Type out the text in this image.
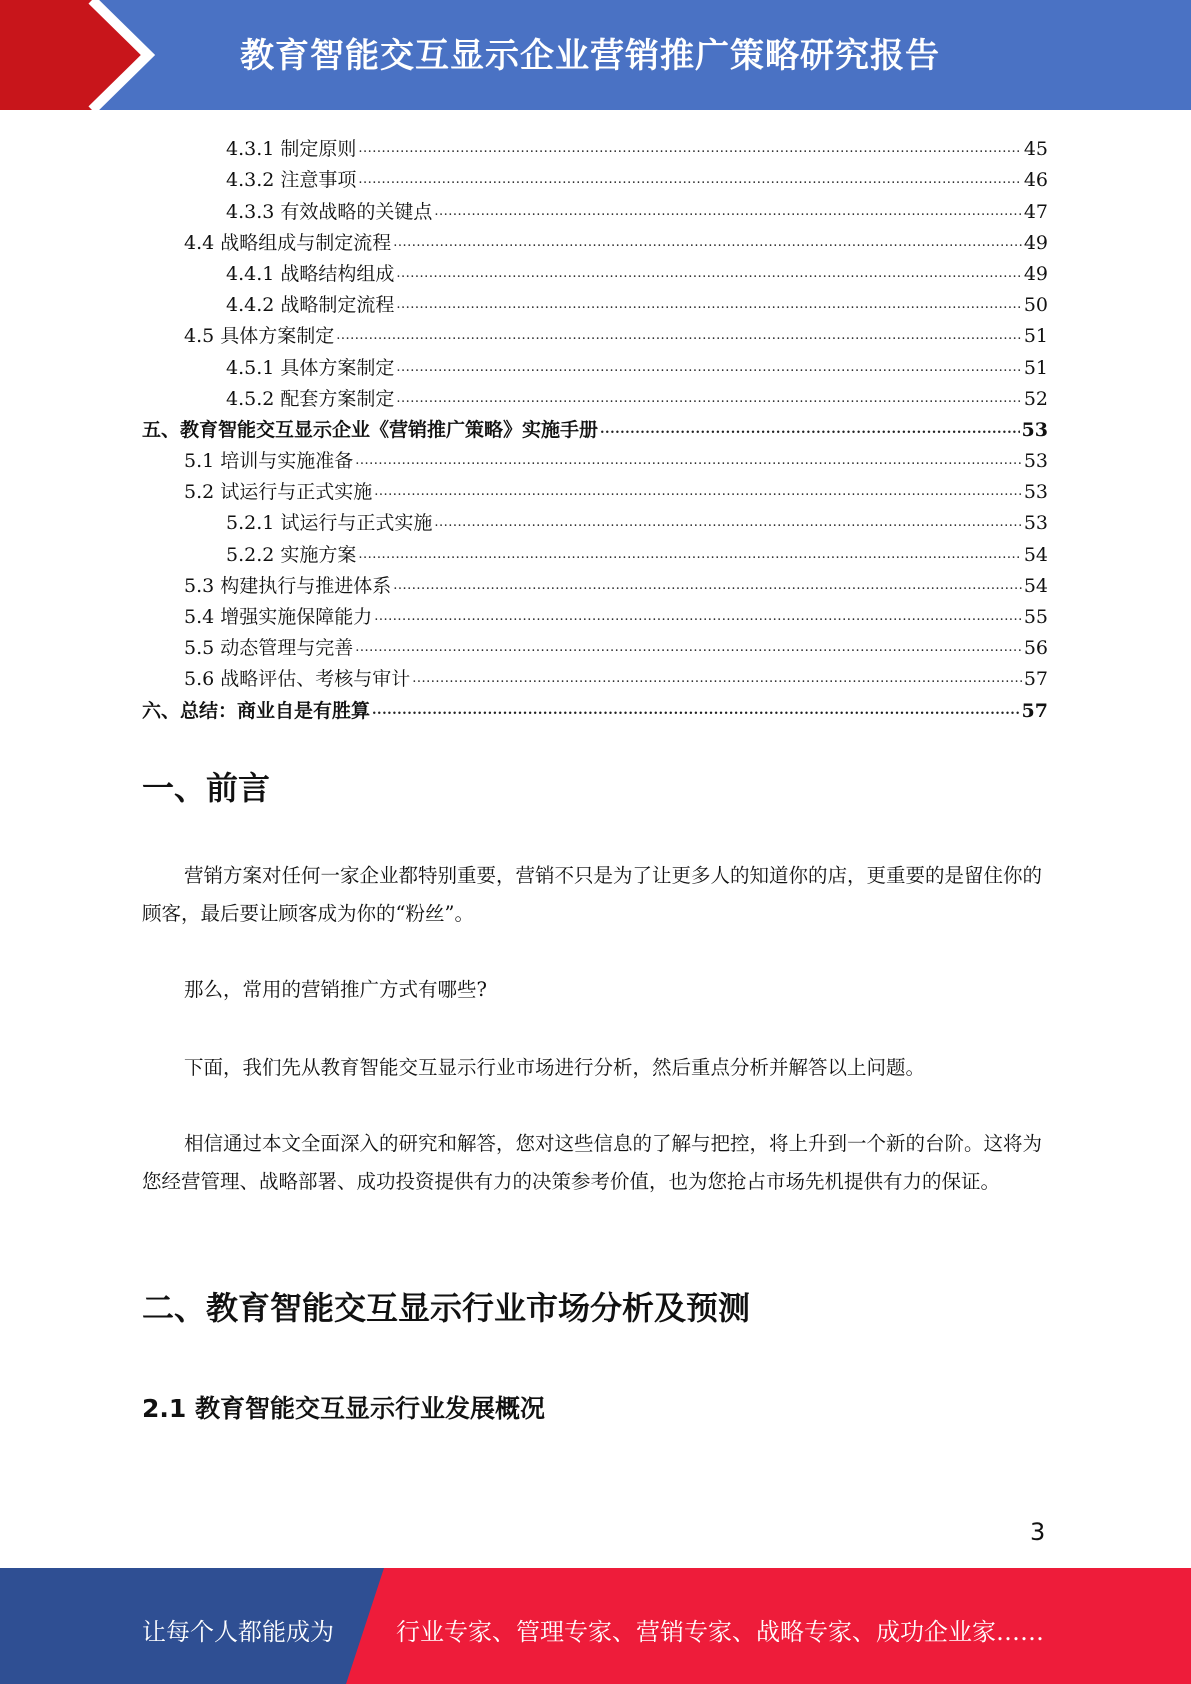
教育智能交互显示企业营销推广策略研究报告
4.3.1 制定原则 .....	45
4.3.2 注意事项 .....	46
4.3.3 有效战略的关键点 .....	47
4.4 战略组成与制定流程 .....	49
4.4.1 战略结构组成 .....	49
4.4.2 战略制定流程 .....	50
4.5 具体方案制定 .....	51
4.5.1 具体方案制定 .....	51
4.5.2 配套方案制定 .....	52
五、教育智能交互显示企业《营销推广策略》实施手册 .....	53
5.1 培训与实施准备 .....	53
5.2 试运行与正式实施 .....	53
5.2.1 试运行与正式实施 .....	53
5.2.2 实施方案 .....	54
5.3 构建执行与推进体系 .....	54
5.4 增强实施保障能力 .....	55
5.5 动态管理与完善 .....	56
5.6 战略评估、考核与审计 .....	57
六、总结：商业自是有胜算 .....	57
一、前言
营销方案对任何一家企业都特别重要，营销不只是为了让更多人的知道你的店，更重要的是留住你的顾客，最后要让顾客成为你的“粉丝”。
那么，常用的营销推广方式有哪些?
下面，我们先从教育智能交互显示行业市场进行分析，然后重点分析并解答以上问题。
相信通过本文全面深入的研究和解答，您对这些信息的了解与把控，将上升到一个新的台阶。这将为您经营管理、战略部署、成功投资提供有力的决策参考价值，也为您抢占市场先机提供有力的保证。
二、教育智能交互显示行业市场分析及预测
2.1 教育智能交互显示行业发展概况
3
让每个人都能成为	行业专家、管理专家、营销专家、战略专家、成功企业家……
